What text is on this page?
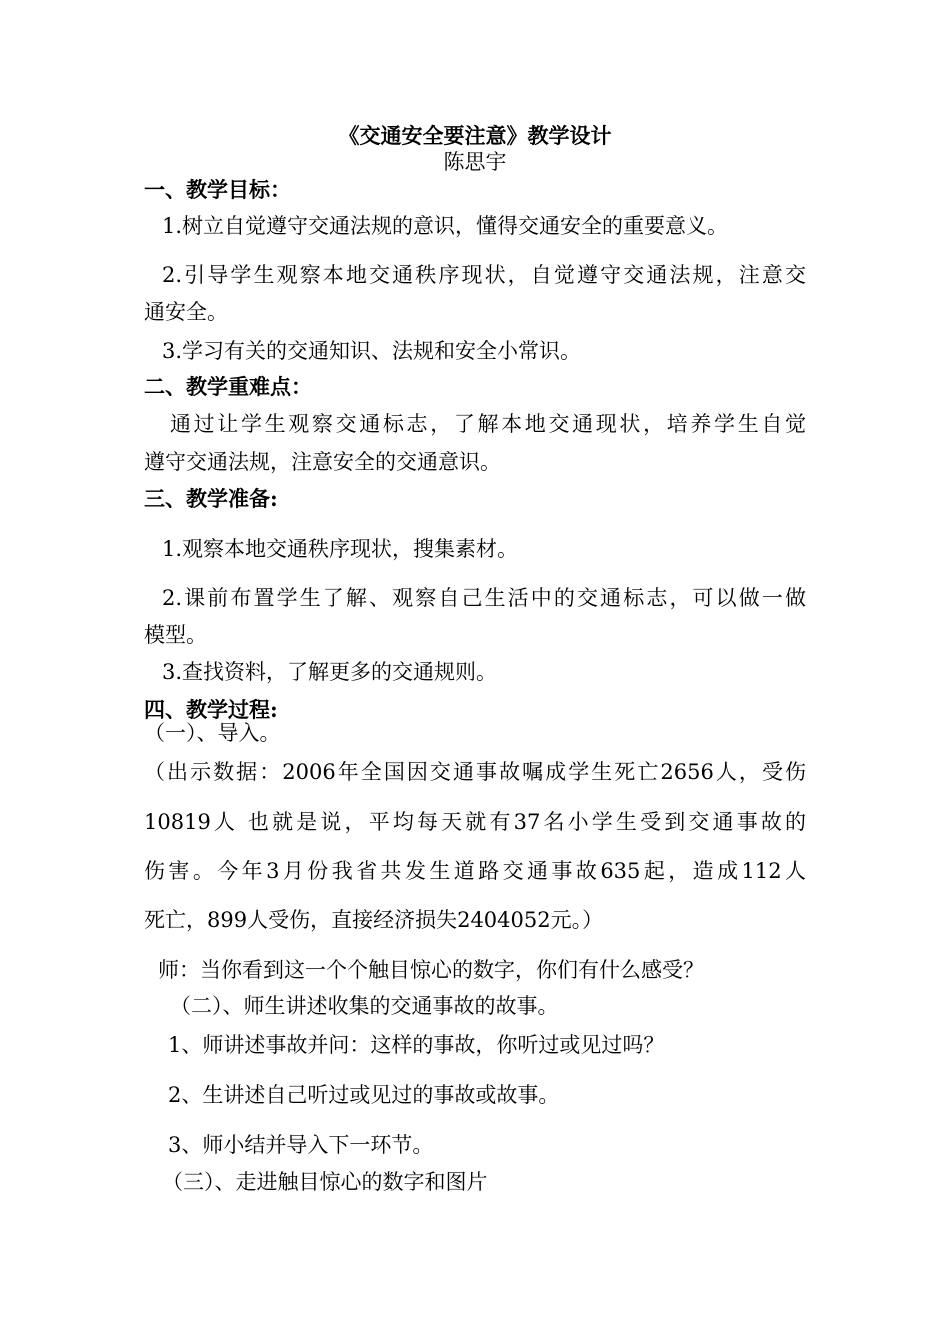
《交通安全要注意》教学设计
陈思宇
一、教学目标：
1.树立自觉遵守交通法规的意识，懂得交通安全的重要意义。
2.引导学生观察本地交通秩序现状，自觉遵守交通法规，注意交
通安全。
3.学习有关的交通知识、法规和安全小常识。
二、教学重难点：
通过让学生观察交通标志，了解本地交通现状，培养学生自觉
遵守交通法规，注意安全的交通意识。
三、教学准备:
1.观察本地交通秩序现状，搜集素材。
2.课前布置学生了解、观察自己生活中的交通标志，可以做一做
模型。
3.查找资料，了解更多的交通规则。
四、教学过程:
（一）、导入。
（出示数据：2006年全国因交通事故嘱成学生死亡2656人，受伤
10819人 也就是说，平均每天就有37名小学生受到交通事故的
伤害。今年3月份我省共发生道路交通事故635起，造成112人
死亡，899人受伤，直接经济损失2404052元。）
师：当你看到这一个个触目惊心的数字，你们有什么感受？
（二）、师生讲述收集的交通事故的故事。
1、师讲述事故并问：这样的事故，你听过或见过吗？
2、生讲述自己听过或见过的事故或故事。
3、师小结并导入下一环节。
（三）、走进触目惊心的数字和图片
